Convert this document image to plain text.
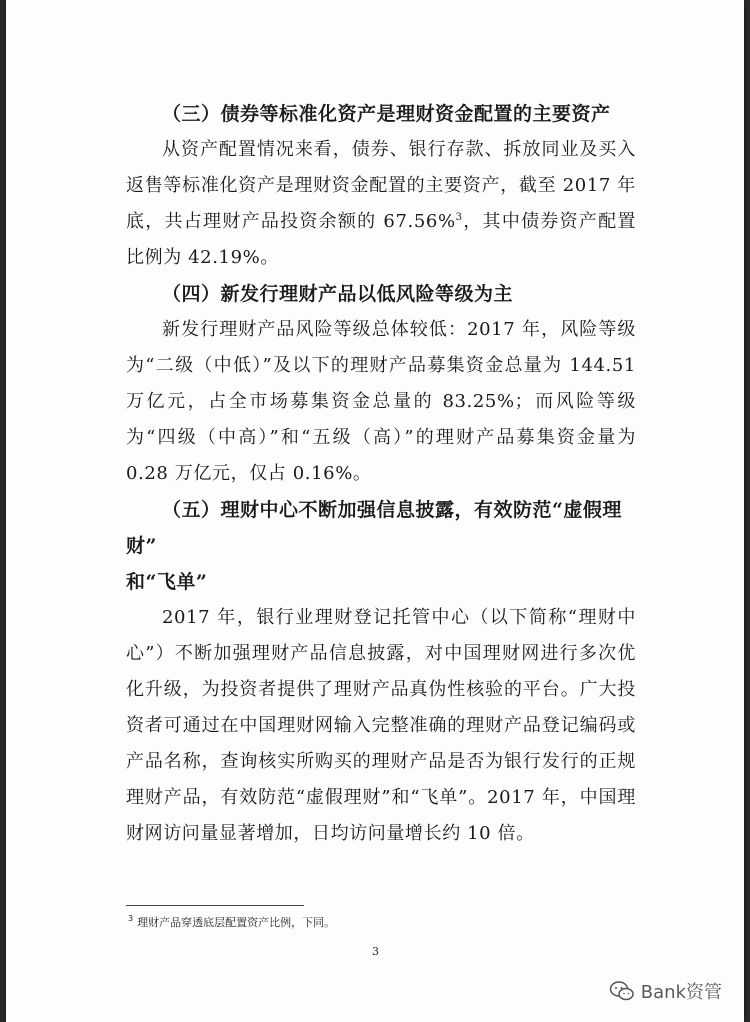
（三）债券等标准化资产是理财资金配置的主要资产

从资产配置情况来看，债券、银行存款、拆放同业及买入返售等标准化资产是理财资金配置的主要资产，截至 2017 年底，共占理财产品投资余额的 67.56%$^3$，其中债券资产配置比例为 42.19%。

（四）新发行理财产品以低风险等级为主

新发行理财产品风险等级总体较低：2017 年，风险等级为“二级（中低）”及以下的理财产品募集资金总量为 144.51 万亿元，占全市场募集资金总量的 83.25%；而风险等级为“四级（中高）”和“五级（高）”的理财产品募集资金量为 0.28 万亿元，仅占 0.16%。

（五）理财中心不断加强信息披露，有效防范“虚假理财”

和“飞单”

2017 年，银行业理财登记托管中心（以下简称“理财中心”）不断加强理财产品信息披露，对中国理财网进行多次优化升级，为投资者提供了理财产品真伪性核验的平台。广大投资者可通过在中国理财网输入完整准确的理财产品登记编码或产品名称，查询核实所购买的理财产品是否为银行发行的正规理财产品，有效防范“虚假理财”和“飞单”。2017 年，中国理财网访问量显著增加，日均访问量增长约 10 倍。

$^3$ 理财产品穿透底层配置资产比例，下同。
3
Bank资管
